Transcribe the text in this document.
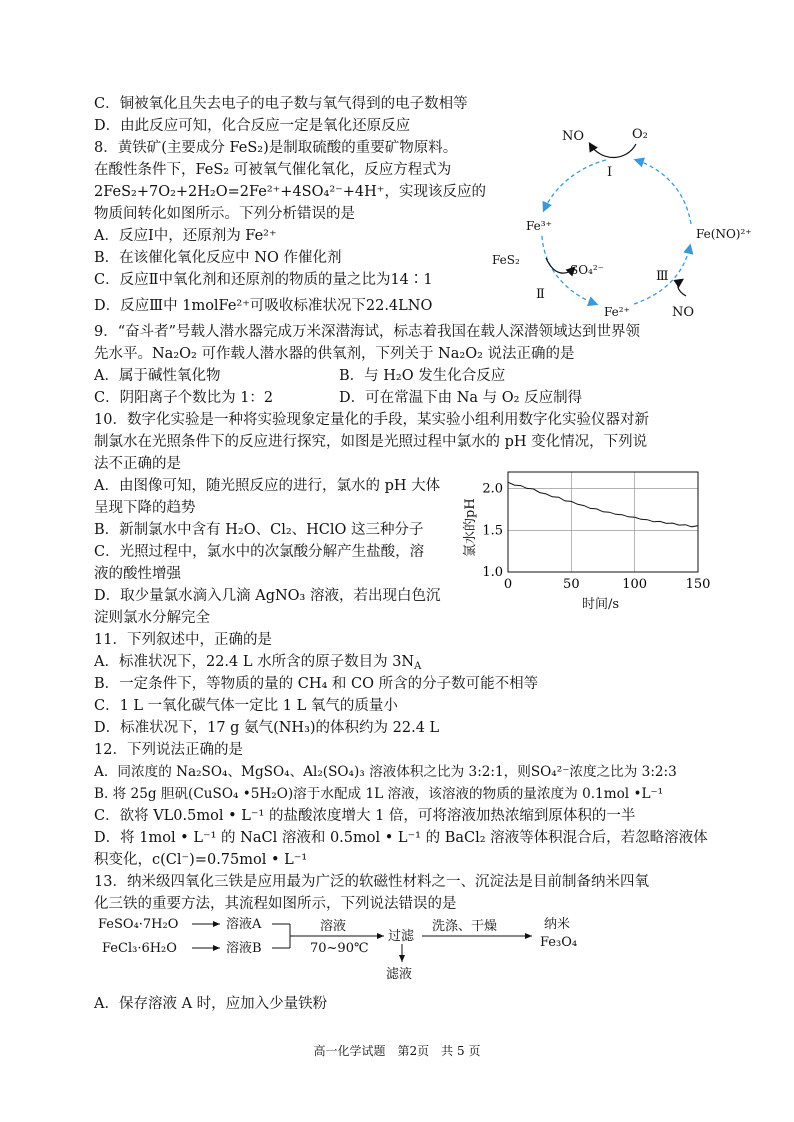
C．铜被氧化且失去电子的电子数与氧气得到的电子数相等
D．由此反应可知，化合反应一定是氧化还原反应
8．黄铁矿(主要成分 FeS₂)是制取硫酸的重要矿物原料。
在酸性条件下，FeS₂ 可被氧气催化氧化，反应方程式为
2FeS₂+7O₂+2H₂O=2Fe²⁺+4SO₄²⁻+4H⁺，实现该反应的
物质间转化如图所示。下列分析错误的是
A．反应Ⅰ中，还原剂为 Fe²⁺
B．在该催化氧化反应中 NO 作催化剂
C．反应Ⅱ中氧化剂和还原剂的物质的量之比为14∶1
D．反应Ⅲ中 1molFe²⁺可吸收标准状况下22.4LNO
NO	O₂
Ⅰ
Fe³⁺
Fe(NO)²⁺
FeS₂
SO₄²⁻
Ⅱ
Ⅲ
Fe²⁺	NO
9．“奋斗者”号载人潜水器完成万米深潜海试，标志着我国在载人深潜领域达到世界领
先水平。Na₂O₂ 可作载人潜水器的供氧剂，下列关于 Na₂O₂ 说法正确的是
A．属于碱性氧化物	B．与 H₂O 发生化合反应
C．阴阳离子个数比为 1：2	D．可在常温下由 Na 与 O₂ 反应制得
10．数字化实验是一种将实验现象定量化的手段，某实验小组利用数字化实验仪器对新
制氯水在光照条件下的反应进行探究，如图是光照过程中氯水的 pH 变化情况，下列说
法不正确的是
A．由图像可知，随光照反应的进行，氯水的 pH 大体
呈现下降的趋势
B．新制氯水中含有 H₂O、Cl₂、HClO 这三种分子
C．光照过程中，氯水中的次氯酸分解产生盐酸，溶
液的酸性增强
D．取少量氯水滴入几滴 AgNO₃ 溶液，若出现白色沉
淀则氯水分解完全
0	50	100	150
1.0
1.5
2.0
氯水的pH
时间/s
11．下列叙述中，正确的是
A．标准状况下，22.4 L 水所含的原子数目为 $3N_A$
B．一定条件下，等物质的量的 CH₄ 和 CO 所含的分子数可能不相等
C．1 L 一氧化碳气体一定比 1 L 氧气的质量小
D．标准状况下，17 g 氨气(NH₃)的体积约为 22.4 L
12．下列说法正确的是
A．同浓度的 Na₂SO₄、MgSO₄、Al₂(SO₄)₃ 溶液体积之比为 3:2:1，则SO₄²⁻浓度之比为 3:2:3
B. 将 25g 胆矾(CuSO₄ •5H₂O)溶于水配成 1L 溶液，该溶液的物质的量浓度为 0.1mol •L⁻¹
C．欲将 VL0.5mol • L⁻¹ 的盐酸浓度增大 1 倍，可将溶液加热浓缩到原体积的一半
D．将 1mol • L⁻¹ 的 NaCl 溶液和 0.5mol • L⁻¹ 的 BaCl₂ 溶液等体积混合后，若忽略溶液体
积变化，c(Cl⁻)=0.75mol • L⁻¹
13．纳米级四氧化三铁是应用最为广泛的软磁性材料之一、沉淀法是目前制备纳米四氧
化三铁的重要方法，其流程如图所示，下列说法错误的是
FeSO₄·7H₂O	溶液A
FeCl₃·6H₂O	溶液B
溶液
70~90℃
过滤
滤液
洗涤、干燥	纳米
Fe₃O₄
A．保存溶液 A 时，应加入少量铁粉
高一化学试题　第2页　共 5 页
